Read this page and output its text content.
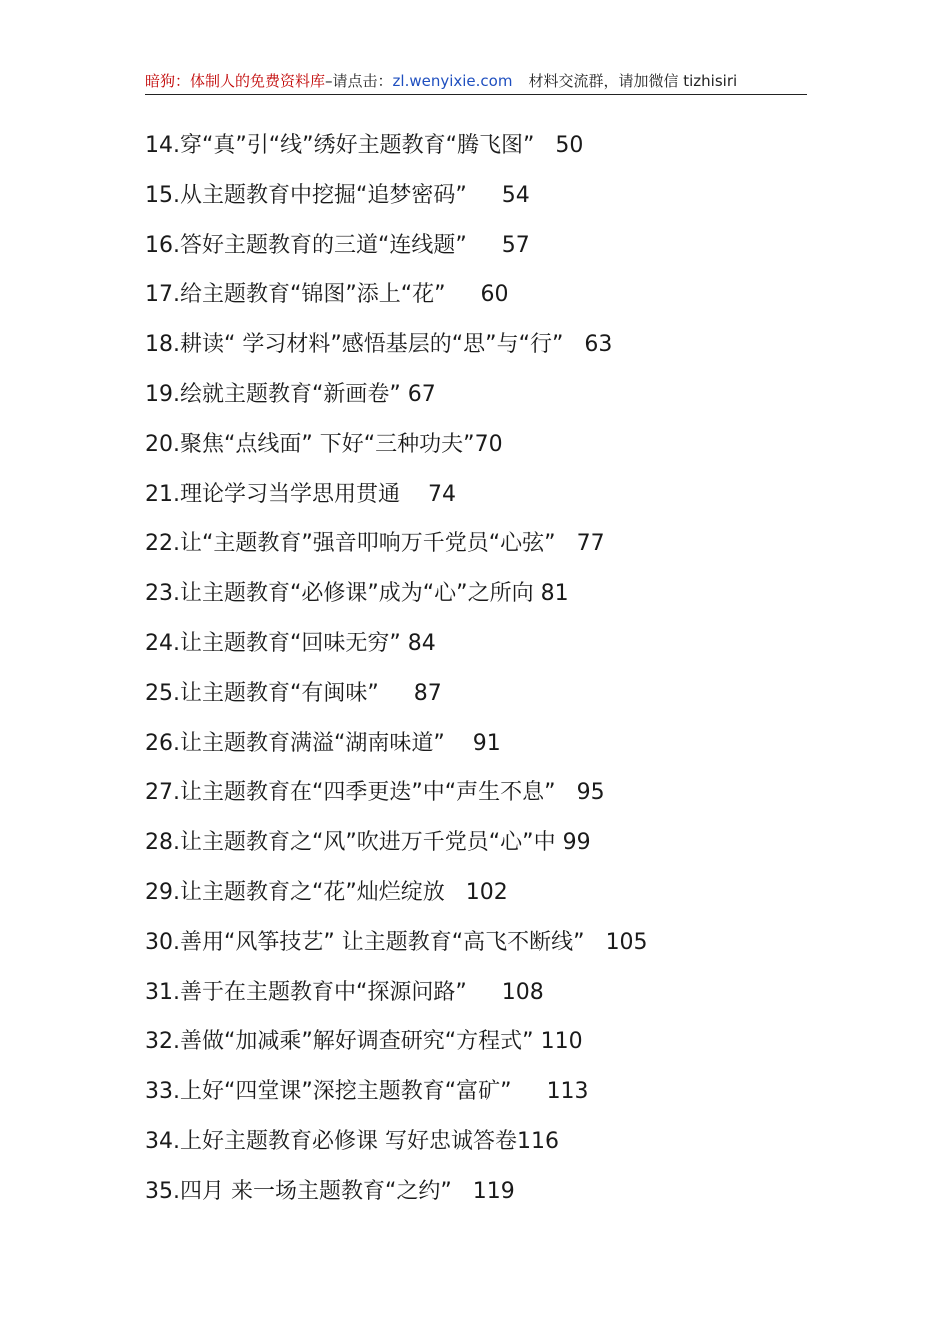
暗狗：体制人的免费资料库–请点击：zl.wenyixie.com 材料交流群，请加微信 tizhisiri
14.穿“真”引“线”绣好主题教育“腾飞图” 50
15.从主题教育中挖掘“追梦密码” 54
16.答好主题教育的三道“连线题” 57
17.给主题教育“锦图”添上“花” 60
18.耕读“ 学习材料”感悟基层的“思”与“行” 63
19.绘就主题教育“新画卷” 67
20.聚焦“点线面” 下好“三种功夫”70
21.理论学习当学思用贯通 74
22.让“主题教育”强音叩响万千党员“心弦” 77
23.让主题教育“必修课”成为“心”之所向 81
24.让主题教育“回味无穷” 84
25.让主题教育“有闽味” 87
26.让主题教育满溢“湖南味道” 91
27.让主题教育在“四季更迭”中“声生不息” 95
28.让主题教育之“风”吹进万千党员“心”中 99
29.让主题教育之“花”灿烂绽放 102
30.善用“风筝技艺” 让主题教育“高飞不断线” 105
31.善于在主题教育中“探源问路” 108
32.善做“加减乘”解好调查研究“方程式” 110
33.上好“四堂课”深挖主题教育“富矿” 113
34.上好主题教育必修课 写好忠诚答卷116
35.四月 来一场主题教育“之约” 119
